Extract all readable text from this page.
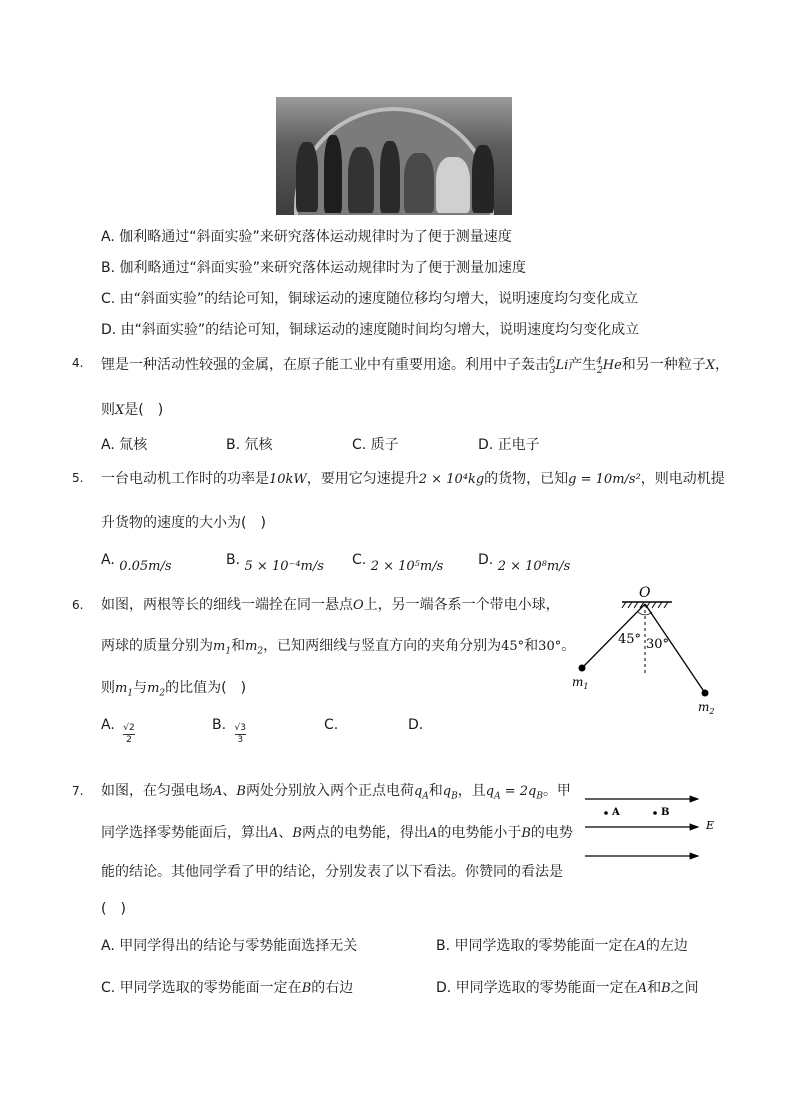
A. 伽利略通过“斜面实验”来研究落体运动规律时为了便于测量速度
B. 伽利略通过“斜面实验”来研究落体运动规律时为了便于测量加速度
C. 由“斜面实验”的结论可知，铜球运动的速度随位移均匀增大，说明速度均匀变化成立
D. 由“斜面实验”的结论可知，铜球运动的速度随时间均匀增大，说明速度均匀变化成立
4. 锂是一种活动性较强的金属，在原子能工业中有重要用途。利用中子轰击$^6_3$Li产生$^4_2$He和另一种粒子X，
则X是(　)
A. 氚核	B. 氘核	C. 质子	D. 正电子
5. 一台电动机工作时的功率是10kW，要用它匀速提升2 × 10⁴kg的货物，已知g = 10m/s²，则电动机提
升货物的速度的大小为(　)
A. 0.05m/s	B. 5 × 10⁻⁴m/s C. 2 × 10⁵m/s D. 2 × 10⁸m/s
6. 如图，两根等长的细线一端拴在同一悬点O上，另一端各系一个带电小球，
两球的质量分别为$m_1$和$m_2$，已知两细线与竖直方向的夹角分别为45°和30°。
则$m_1$与$m_2$的比值为(　)
A. $\frac{√2}{2}$	B. $\frac{√3}{3}$	C.	D.
O
45° 30°
$m_1$
$m_2$
7. 如图，在匀强电场A、B两处分别放入两个正点电荷$q_A$和$q_B$，且$q_A = 2q_B$。甲
同学选择零势能面后，算出A、B两点的电势能，得出A的电势能小于B的电势
能的结论。其他同学看了甲的结论，分别发表了以下看法。你赞同的看法是
(　)
A. 甲同学得出的结论与零势能面选择无关	B. 甲同学选取的零势能面一定在A的左边
C. 甲同学选取的零势能面一定在B的右边	D. 甲同学选取的零势能面一定在A和B之间
A	B
E
